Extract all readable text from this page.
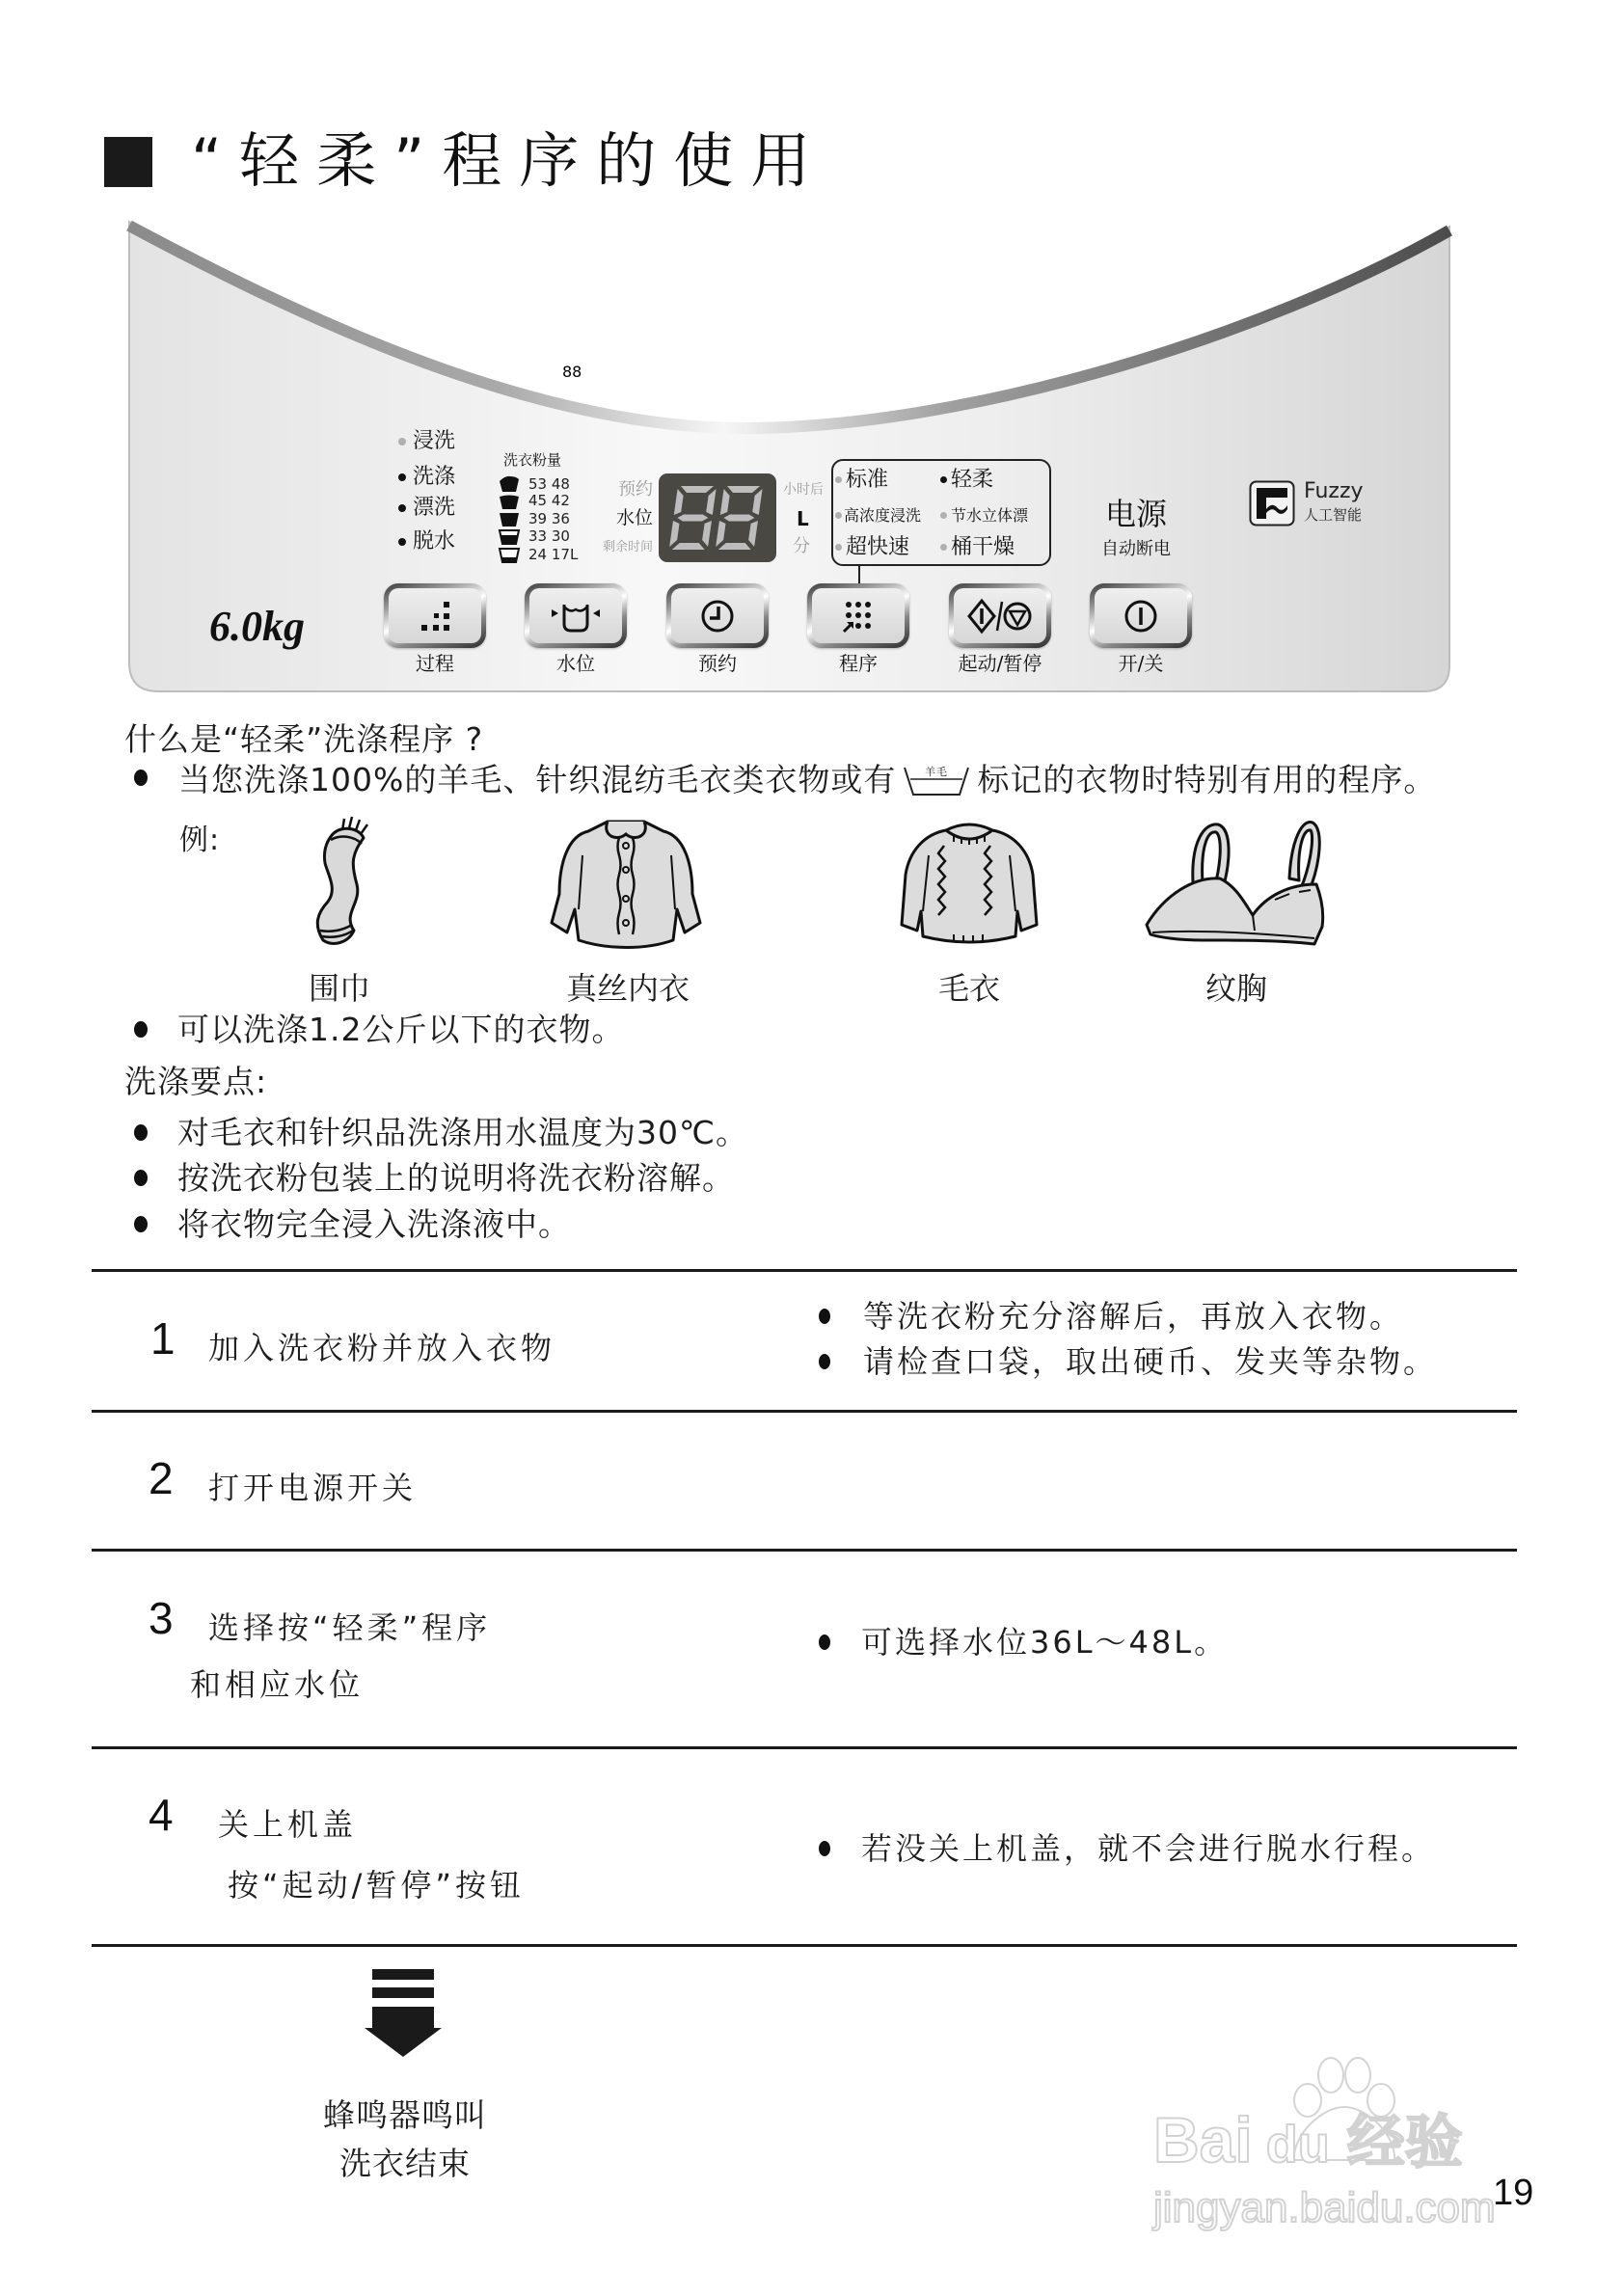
“轻柔”程序的使用
浸洗
洗涤
漂洗
脱水
洗衣粉量
53 48
45 42
39 36
33 30
24 17L
预约
水位
剩余时间
88
小时后
L
分
标准	轻柔
高浓度浸洗 节水立体漂
超快速 桶干燥
电源
自动断电
Fuzzy
人工智能
6.0kg
过程	水位	预约	程序	起动/暂停	开/关
什么是“轻柔”洗涤程序 ?
当您洗涤100%的羊毛、针织混纺毛衣类衣物或有	羊毛 标记的衣物时特别有用的程序。
例:
围巾	真丝内衣	毛衣	纹胸
可以洗涤1.2公斤以下的衣物。
洗涤要点:
对毛衣和针织品洗涤用水温度为30℃。
按洗衣粉包装上的说明将洗衣粉溶解。
将衣物完全浸入洗涤液中。
1 加入洗衣粉并放入衣物
等洗衣粉充分溶解后，再放入衣物。
请检查口袋，取出硬币、发夹等杂物。
2 打开电源开关
3 选择按“轻柔”程序
和相应水位
可选择水位36L～48L。
4 关上机盖
按“起动/暂停”按钮
若没关上机盖，就不会进行脱水行程。
蜂鸣器鸣叫
洗衣结束	Bai du 经验
jingyan.baidu.com
19
